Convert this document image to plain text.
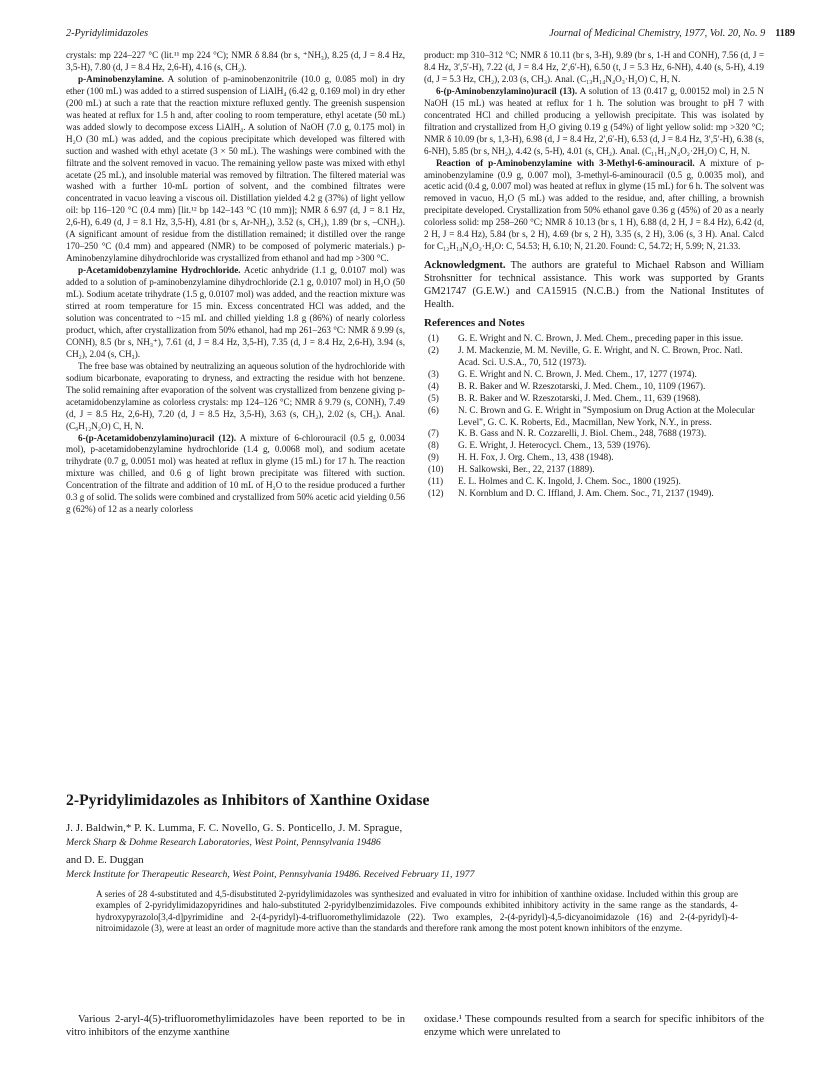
2-Pyridylimidazoles	Journal of Medicinal Chemistry, 1977, Vol. 20, No. 9 1189

crystals: mp 224–227 °C (lit.¹¹ mp 224 °C); NMR δ 8.84 (br s, ⁺NH₃), 8.25 (d, J = 8.4 Hz, 3,5-H), 7.80 (d, J = 8.4 Hz, 2,6-H), 4.16 (s, CH₂).

p-Aminobenzylamine. A solution of p-aminobenzonitrile (10.0 g, 0.085 mol) in dry ether (100 mL) was added to a stirred suspension of LiAlH₄ (6.42 g, 0.169 mol) in dry ether (200 mL) at such a rate that the reaction mixture refluxed gently. The greenish suspension was heated at reflux for 1.5 h and, after cooling to room temperature, ethyl acetate (50 mL) was added slowly to decompose excess LiAlH₄. A solution of NaOH (7.0 g, 0.175 mol) in H₂O (30 mL) was added, and the copious precipitate which developed was filtered with suction and washed with ethyl acetate (3 × 50 mL). The washings were combined with the filtrate and the solvent removed in vacuo. The remaining yellow paste was mixed with ethyl acetate (25 mL), and insoluble material was removed by filtration. The filtered material was washed with a further 10-mL portion of solvent, and the combined filtrates were concentrated in vacuo leaving a viscous oil. Distillation yielded 4.2 g (37%) of light yellow oil: bp 116–120 °C (0.4 mm) [lit.¹² bp 142–143 °C (10 mm)]; NMR δ 6.97 (d, J = 8.1 Hz, 2,6-H), 6.49 (d, J = 8.1 Hz, 3,5-H), 4.81 (br s, Ar-NH₂), 3.52 (s, CH₂), 1.89 (br s, –CNH₂). (A significant amount of residue from the distillation remained; it distilled over the range 170–250 °C (0.4 mm) and appeared (NMR) to be composed of polymeric materials.) p-Aminobenzylamine dihydrochloride was crystallized from ethanol and had mp >300 °C.

p-Acetamidobenzylamine Hydrochloride. Acetic anhydride (1.1 g, 0.0107 mol) was added to a solution of p-aminobenzylamine dihydrochloride (2.1 g, 0.0107 mol) in H₂O (50 mL). Sodium acetate trihydrate (1.5 g, 0.0107 mol) was added, and the reaction mixture was stirred at room temperature for 15 min. Excess concentrated HCl was added, and the solution was concentrated to ~15 mL and chilled yielding 1.8 g (86%) of nearly colorless product, which, after crystallization from 50% ethanol, had mp 261–263 °C: NMR δ 9.99 (s, CONH), 8.5 (br s, NH₃⁺), 7.61 (d, J = 8.4 Hz, 3,5-H), 7.35 (d, J = 8.4 Hz, 2,6-H), 3.94 (s, CH₂), 2.04 (s, CH₃).

The free base was obtained by neutralizing an aqueous solution of the hydrochloride with sodium bicarbonate, evaporating to dryness, and extracting the residue with hot benzene. The solid remaining after evaporation of the solvent was crystallized from benzene giving p-acetamidobenzylamine as colorless crystals: mp 124–126 °C; NMR δ 9.79 (s, CONH), 7.49 (d, J = 8.5 Hz, 2,6-H), 7.20 (d, J = 8.5 Hz, 3,5-H), 3.63 (s, CH₂), 2.02 (s, CH₃). Anal. (C₉H₁₂N₂O) C, H, N.

6-(p-Acetamidobenzylamino)uracil (12). A mixture of 6-chlorouracil (0.5 g, 0.0034 mol), p-acetamidobenzylamine hydrochloride (1.4 g, 0.0068 mol), and sodium acetate trihydrate (0.7 g, 0.0051 mol) was heated at reflux in glyme (15 mL) for 17 h. The reaction mixture was chilled, and 0.6 g of light brown precipitate was filtered with suction. Concentration of the filtrate and addition of 10 mL of H₂O to the residue produced a further 0.3 g of solid. The solids were combined and crystallized from 50% acetic acid yielding 0.56 g (62%) of 12 as a nearly colorless

product: mp 310–312 °C; NMR δ 10.11 (br s, 3-H), 9.89 (br s, 1-H and CONH), 7.56 (d, J = 8.4 Hz, 3′,5′-H), 7.22 (d, J = 8.4 Hz, 2′,6′-H), 6.50 (t, J = 5.3 Hz, 6-NH), 4.40 (s, 5-H), 4.19 (d, J = 5.3 Hz, CH₂), 2.03 (s, CH₃). Anal. (C₁₃H₁₄N₄O₃·H₂O) C, H, N.

6-(p-Aminobenzylamino)uracil (13). A solution of 13 (0.417 g, 0.00152 mol) in 2.5 N NaOH (15 mL) was heated at reflux for 1 h. The solution was brought to pH 7 with concentrated HCl and chilled producing a yellowish precipitate. This was isolated by filtration and crystallized from H₂O giving 0.19 g (54%) of light yellow solid: mp >320 °C; NMR δ 10.09 (br s, 1,3-H), 6.98 (d, J = 8.4 Hz, 2′,6′-H), 6.53 (d, J = 8.4 Hz, 3′,5′-H), 6.38 (s, 6-NH), 5.85 (br s, NH₂), 4.42 (s, 5-H), 4.01 (s, CH₂). Anal. (C₁₁H₁₂N₄O₂·2H₂O) C, H, N.

Reaction of p-Aminobenzylamine with 3-Methyl-6-aminouracil. A mixture of p-aminobenzylamine (0.9 g, 0.007 mol), 3-methyl-6-aminouracil (0.5 g, 0.0035 mol), and acetic acid (0.4 g, 0.007 mol) was heated at reflux in glyme (15 mL) for 6 h. The solvent was removed in vacuo, H₂O (5 mL) was added to the residue, and, after chilling, a brownish precipitate developed. Crystallization from 50% ethanol gave 0.36 g (45%) of 20 as a nearly colorless solid: mp 258–260 °C; NMR δ 10.13 (br s, 1 H), 6.88 (d, 2 H, J = 8.4 Hz), 6.42 (d, 2 H, J = 8.4 Hz), 5.84 (br s, 2 H), 4.69 (br s, 2 H), 3.35 (s, 2 H), 3.06 (s, 3 H). Anal. Calcd for C₁₂H₁₄N₄O₂·H₂O: C, 54.53; H, 6.10; N, 21.20. Found: C, 54.72; H, 5.99; N, 21.33.

Acknowledgment. The authors are grateful to Michael Rabson and William Strohsnitter for technical assistance. This work was supported by Grants GM21747 (G.E.W.) and CA15915 (N.C.B.) from the National Institutes of Health.

References and Notes
(1) G. E. Wright and N. C. Brown, J. Med. Chem., preceding paper in this issue.
(2) J. M. Mackenzie, M. M. Neville, G. E. Wright, and N. C. Brown, Proc. Natl. Acad. Sci. U.S.A., 70, 512 (1973).
(3) G. E. Wright and N. C. Brown, J. Med. Chem., 17, 1277 (1974).
(4) B. R. Baker and W. Rzeszotarski, J. Med. Chem., 10, 1109 (1967).
(5) B. R. Baker and W. Rzeszotarski, J. Med. Chem., 11, 639 (1968).
(6) N. C. Brown and G. E. Wright in "Symposium on Drug Action at the Molecular Level", G. C. K. Roberts, Ed., Macmillan, New York, N.Y., in press.
(7) K. B. Gass and N. R. Cozzarelli, J. Biol. Chem., 248, 7688 (1973).
(8) G. E. Wright, J. Heterocycl. Chem., 13, 539 (1976).
(9) H. H. Fox, J. Org. Chem., 13, 438 (1948).
(10) H. Salkowski, Ber., 22, 2137 (1889).
(11) E. L. Holmes and C. K. Ingold, J. Chem. Soc., 1800 (1925).
(12) N. Kornblum and D. C. Iffland, J. Am. Chem. Soc., 71, 2137 (1949).
2-Pyridylimidazoles as Inhibitors of Xanthine Oxidase
J. J. Baldwin,* P. K. Lumma, F. C. Novello, G. S. Ponticello, J. M. Sprague,
Merck Sharp & Dohme Research Laboratories, West Point, Pennsylvania 19486
and D. E. Duggan
Merck Institute for Therapeutic Research, West Point, Pennsylvania 19486. Received February 11, 1977
A series of 28 4-substituted and 4,5-disubstituted 2-pyridylimidazoles was synthesized and evaluated in vitro for inhibition of xanthine oxidase. Included within this group are examples of 2-pyridylimidazopyridines and halo-substituted 2-pyridylbenzimidazoles. Five compounds exhibited inhibitory activity in the same range as the standards, 4-hydroxypyrazolo[3,4-d]pyrimidine and 2-(4-pyridyl)-4-trifluoromethylimidazole (22). Two examples, 2-(4-pyridyl)-4,5-dicyanoimidazole (16) and 2-(4-pyridyl)-4-nitroimidazole (3), were at least an order of magnitude more active than the standards and therefore rank among the most potent known inhibitors of the enzyme.
Various 2-aryl-4(5)-trifluoromethylimidazoles have been reported to be in vitro inhibitors of the enzyme xanthine
oxidase.¹ These compounds resulted from a search for specific inhibitors of the enzyme which were unrelated to
